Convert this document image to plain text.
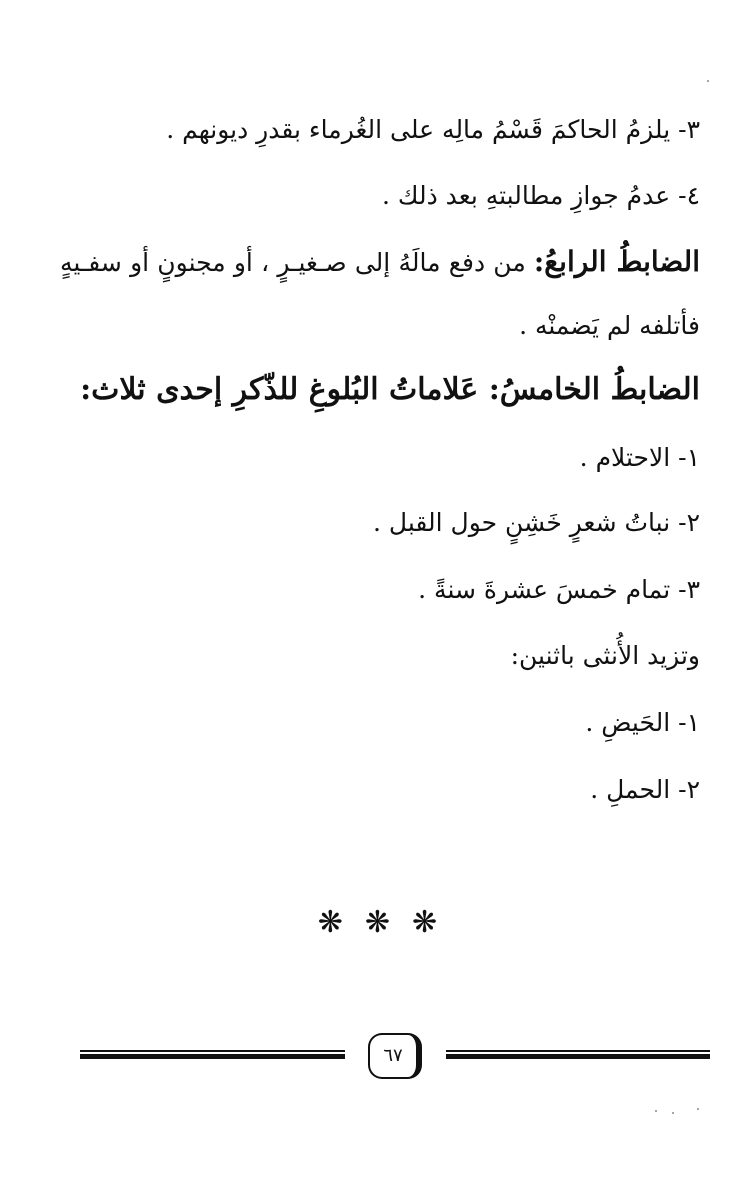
٣- يلزمُ الحاكمَ قَسْمُ مالِه على الغُرماء بقدرِ ديونهم .
٤- عدمُ جوازِ مطالبتهِ بعد ذلك .
الضابطُ الرابعُ: من دفع مالَهُ إلى صـغيـرٍ ، أو مجنونٍ أو سفـيهٍ
فأتلفه لم يَضمنْه .
الضابطُ الخامسُ: عَلاماتُ البُلوغِ للذّكرِ إحدى ثلاث:
١- الاحتلام .
٢- نباتُ شعرٍ خَشِنٍ حول القبل .
٣- تمام خمسَ عشرةَ سنةً .
وتزيد الأُنثى باثنين:
١- الحَيضِ .
٢- الحملِ .
❋❋❋
٦٧
